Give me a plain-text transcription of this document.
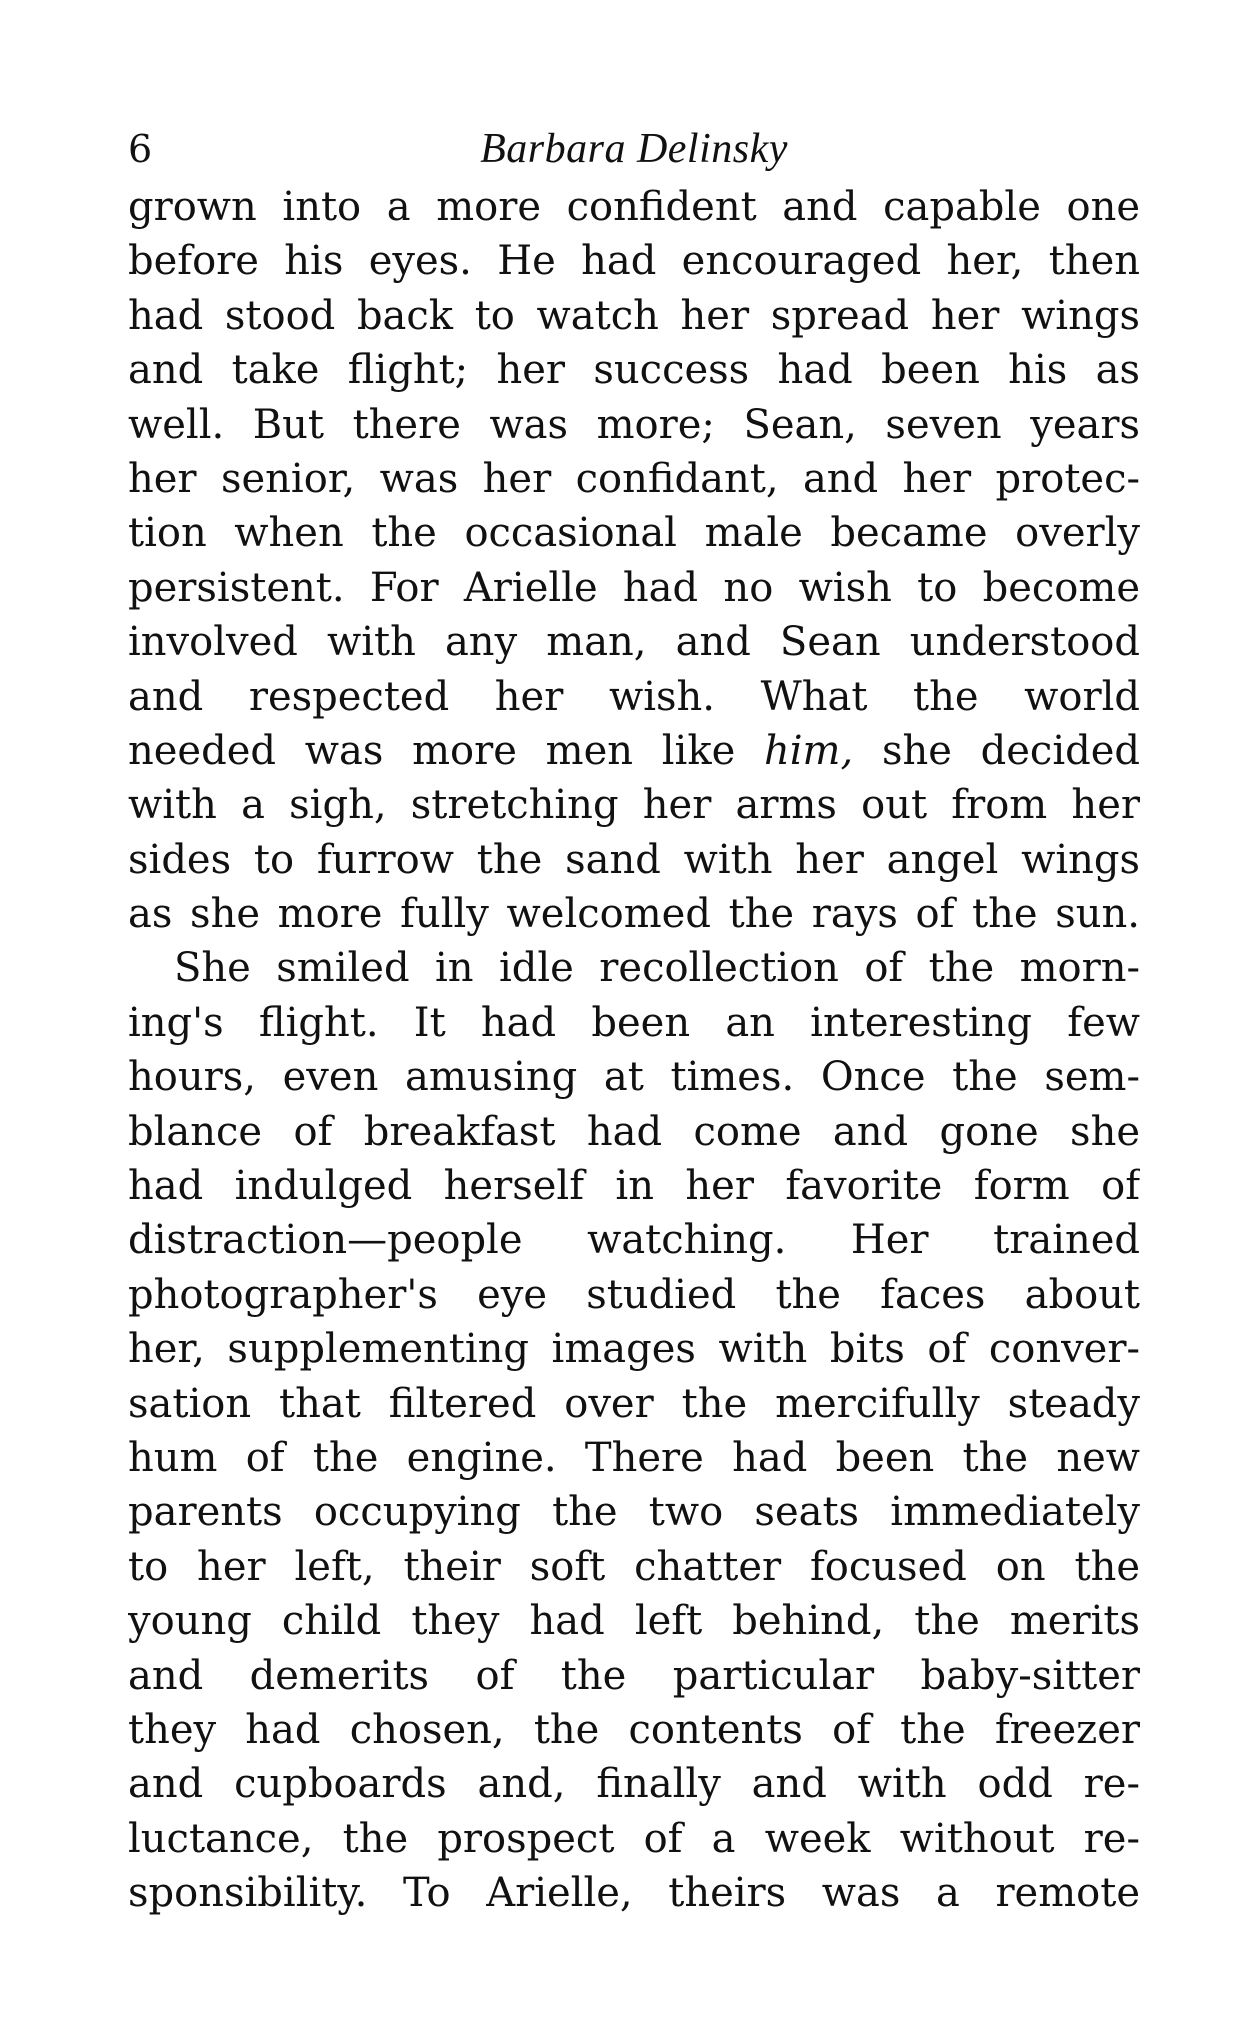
6	Barbara Delinsky
grown into a more confident and capable one
before his eyes. He had encouraged her, then
had stood back to watch her spread her wings
and take flight; her success had been his as
well. But there was more; Sean, seven years
her senior, was her confidant, and her protec-
tion when the occasional male became overly
persistent. For Arielle had no wish to become
involved with any man, and Sean understood
and respected her wish. What the world
needed was more men like him, she decided
with a sigh, stretching her arms out from her
sides to furrow the sand with her angel wings
as she more fully welcomed the rays of the sun.
She smiled in idle recollection of the morn-
ing's flight. It had been an interesting few
hours, even amusing at times. Once the sem-
blance of breakfast had come and gone she
had indulged herself in her favorite form of
distraction—people watching. Her trained
photographer's eye studied the faces about
her, supplementing images with bits of conver-
sation that filtered over the mercifully steady
hum of the engine. There had been the new
parents occupying the two seats immediately
to her left, their soft chatter focused on the
young child they had left behind, the merits
and demerits of the particular baby-sitter
they had chosen, the contents of the freezer
and cupboards and, finally and with odd re-
luctance, the prospect of a week without re-
sponsibility. To Arielle, theirs was a remote
